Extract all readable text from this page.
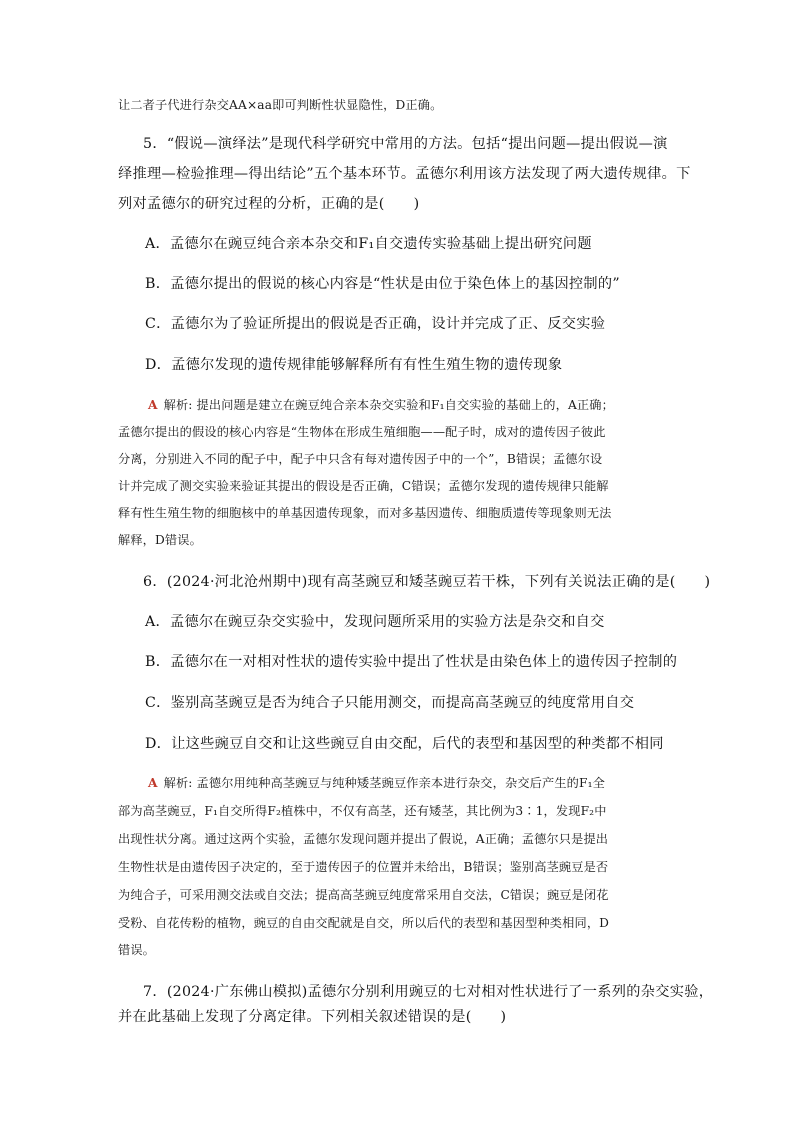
让二者子代进行杂交AA×aa即可判断性状显隐性，D正确。
5．“假说—演绎法”是现代科学研究中常用的方法。包括“提出问题—提出假说—演
绎推理—检验推理—得出结论”五个基本环节。孟德尔利用该方法发现了两大遗传规律。下
列对孟德尔的研究过程的分析，正确的是(　　)
A．孟德尔在豌豆纯合亲本杂交和F₁自交遗传实验基础上提出研究问题
B．孟德尔提出的假说的核心内容是“性状是由位于染色体上的基因控制的”
C．孟德尔为了验证所提出的假说是否正确，设计并完成了正、反交实验
D．孟德尔发现的遗传规律能够解释所有有性生殖生物的遗传现象
A 解析: 提出问题是建立在豌豆纯合亲本杂交实验和F₁自交实验的基础上的，A正确；
孟德尔提出的假设的核心内容是“生物体在形成生殖细胞——配子时，成对的遗传因子彼此
分离，分别进入不同的配子中，配子中只含有每对遗传因子中的一个”，B错误；孟德尔设
计并完成了测交实验来验证其提出的假设是否正确，C错误；孟德尔发现的遗传规律只能解
释有性生殖生物的细胞核中的单基因遗传现象，而对多基因遗传、细胞质遗传等现象则无法
解释，D错误。
6．(2024·河北沧州期中)现有高茎豌豆和矮茎豌豆若干株，下列有关说法正确的是(　　)
A．孟德尔在豌豆杂交实验中，发现问题所采用的实验方法是杂交和自交
B．孟德尔在一对相对性状的遗传实验中提出了性状是由染色体上的遗传因子控制的
C．鉴别高茎豌豆是否为纯合子只能用测交，而提高高茎豌豆的纯度常用自交
D．让这些豌豆自交和让这些豌豆自由交配，后代的表型和基因型的种类都不相同
A 解析: 孟德尔用纯种高茎豌豆与纯种矮茎豌豆作亲本进行杂交，杂交后产生的F₁全
部为高茎豌豆，F₁自交所得F₂植株中，不仅有高茎，还有矮茎，其比例为3∶1，发现F₂中
出现性状分离。通过这两个实验，孟德尔发现问题并提出了假说，A正确；孟德尔只是提出
生物性状是由遗传因子决定的，至于遗传因子的位置并未给出，B错误；鉴别高茎豌豆是否
为纯合子，可采用测交法或自交法；提高高茎豌豆纯度常采用自交法，C错误；豌豆是闭花
受粉、自花传粉的植物，豌豆的自由交配就是自交，所以后代的表型和基因型种类相同，D
错误。
7．(2024·广东佛山模拟)孟德尔分别利用豌豆的七对相对性状进行了一系列的杂交实验，
并在此基础上发现了分离定律。下列相关叙述错误的是(　　)
